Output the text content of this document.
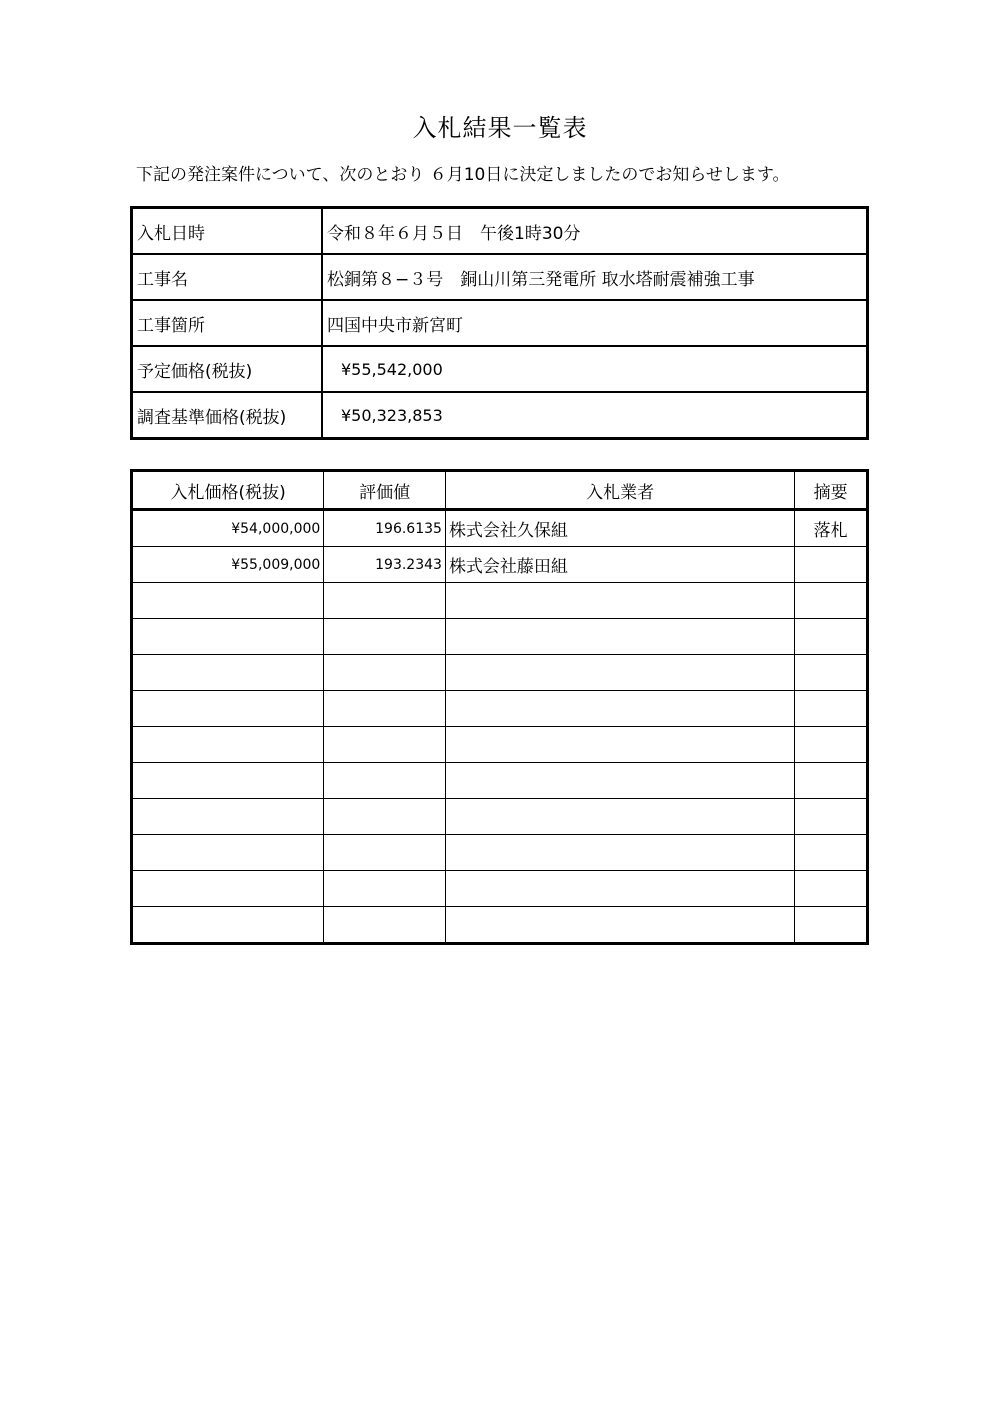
入札結果一覧表
下記の発注案件について、次のとおり ６月10日に決定しましたのでお知らせします。
入札日時	令和８年６月５日　午後1時30分
工事名	松銅第８−３号　銅山川第三発電所 取水塔耐震補強工事
工事箇所	四国中央市新宮町
予定価格(税抜)	¥55,542,000
調査基準価格(税抜)	¥50,323,853
入札価格(税抜)	評価値	入札業者	摘要
¥54,000,000	196.6135	株式会社久保組	落札
¥55,009,000	193.2343	株式会社藤田組	
